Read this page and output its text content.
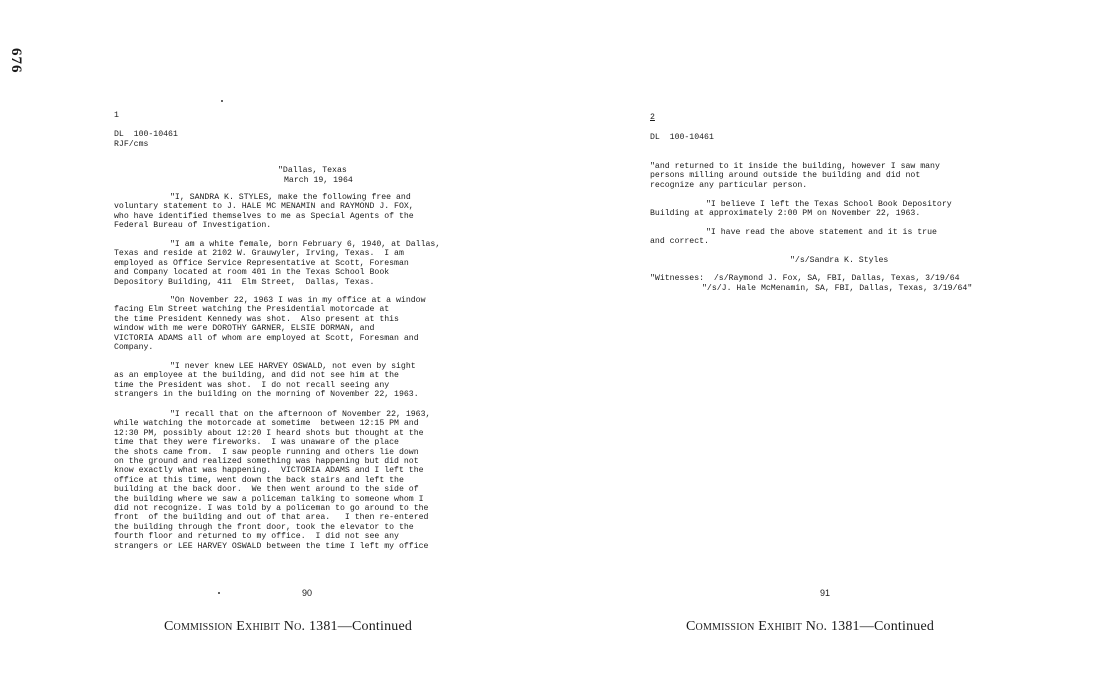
676
1
DL  100-10461
RJF/cms
"Dallas, Texas
March 19, 1964
"I, SANDRA K. STYLES, make the following free and
voluntary statement to J. HALE MC MENAMIN and RAYMOND J. FOX,
who have identified themselves to me as Special Agents of the
Federal Bureau of Investigation.
"I am a white female, born February 6, 1940, at Dallas,
Texas and reside at 2102 W. Grauwyler, Irving, Texas.  I am
employed as Office Service Representative at Scott, Foresman
and Company located at room 401 in the Texas School Book
Depository Building, 411  Elm Street,  Dallas, Texas.
"On November 22, 1963 I was in my office at a window
facing Elm Street watching the Presidential motorcade at
the time President Kennedy was shot.  Also present at this
window with me were DOROTHY GARNER, ELSIE DORMAN, and
VICTORIA ADAMS all of whom are employed at Scott, Foresman and
Company.
"I never knew LEE HARVEY OSWALD, not even by sight
as an employee at the building, and did not see him at the
time the President was shot.  I do not recall seeing any
strangers in the building on the morning of November 22, 1963.
"I recall that on the afternoon of November 22, 1963,
while watching the motorcade at sometime  between 12:15 PM and
12:30 PM, possibly about 12:20 I heard shots but thought at the
time that they were fireworks.  I was unaware of the place
the shots came from.  I saw people running and others lie down
on the ground and realized something was happening but did not
know exactly what was happening.  VICTORIA ADAMS and I left the
office at this time, went down the back stairs and left the
building at the back door.  We then went around to the side of
the building where we saw a policeman talking to someone whom I
did not recognize. I was told by a policeman to go around to the
front  of the building and out of that area.   I then re-entered
the building through the front door, took the elevator to the
fourth floor and returned to my office.  I did not see any
strangers or LEE HARVEY OSWALD between the time I left my office
90
Commission Exhibit No. 1381—Continued
2
DL  100-10461
"and returned to it inside the building, however I saw many
persons milling around outside the building and did not
recognize any particular person.
"I believe I left the Texas School Book Depository
Building at approximately 2:00 PM on November 22, 1963.
"I have read the above statement and it is true
and correct.
"/s/Sandra K. Styles
"Witnesses:  /s/Raymond J. Fox, SA, FBI, Dallas, Texas, 3/19/64
"/s/J. Hale McMenamin, SA, FBI, Dallas, Texas, 3/19/64"
91
Commission Exhibit No. 1381—Continued
